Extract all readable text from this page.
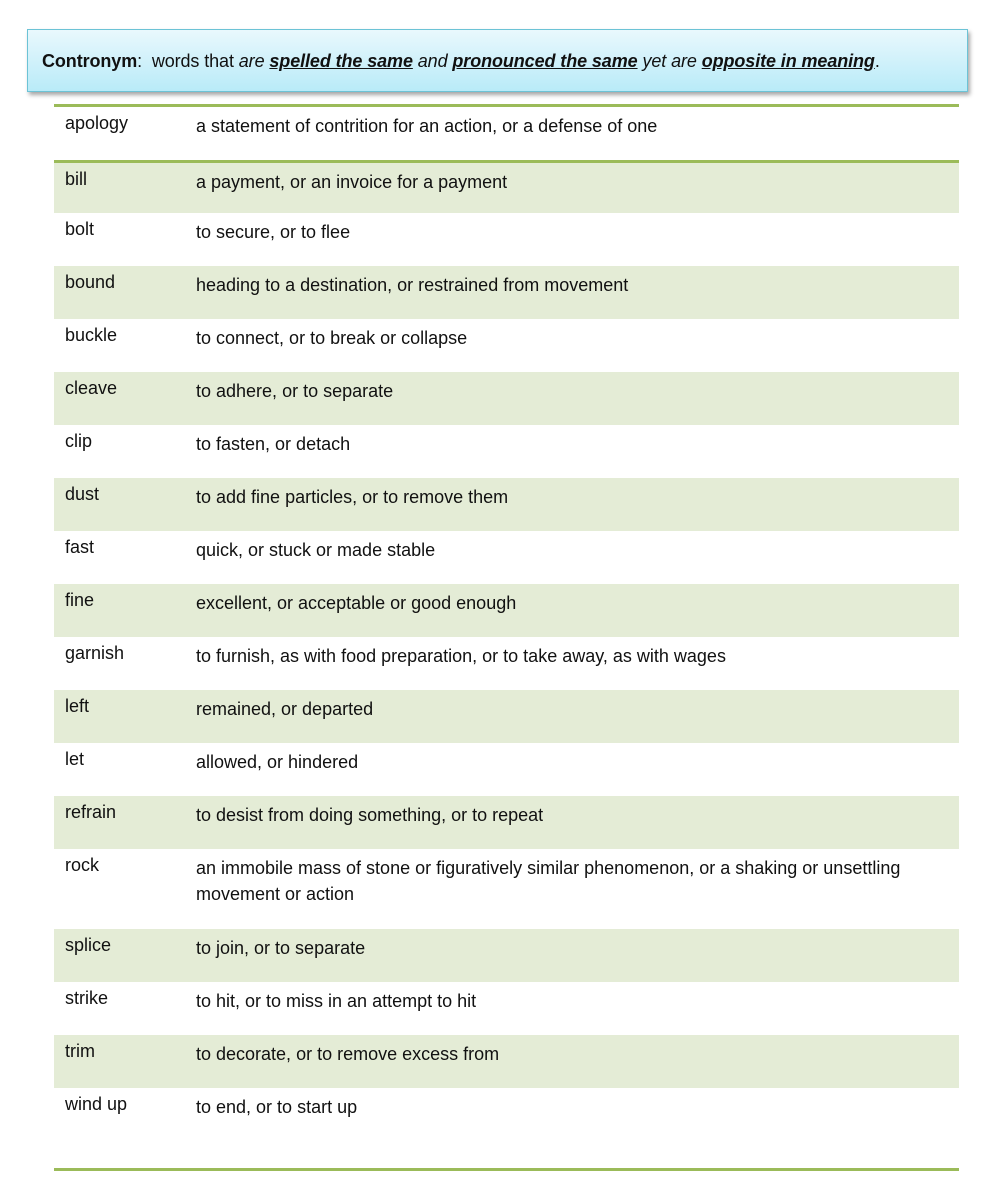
Contronym:  words that are spelled the same and pronounced the same yet are opposite in meaning.
apology	a statement of contrition for an action, or a defense of one
bill	a payment, or an invoice for a payment
bolt	to secure, or to flee
bound	heading to a destination, or restrained from movement
buckle	to connect, or to break or collapse
cleave	to adhere, or to separate
clip	to fasten, or detach
dust	to add fine particles, or to remove them
fast	quick, or stuck or made stable
fine	excellent, or acceptable or good enough
garnish	to furnish, as with food preparation, or to take away, as with wages
left	remained, or departed
let	allowed, or hindered
refrain	to desist from doing something, or to repeat
rock	an immobile mass of stone or figuratively similar phenomenon, or a shaking or unsettling movement or action
splice	to join, or to separate
strike	to hit, or to miss in an attempt to hit
trim	to decorate, or to remove excess from
wind up	to end, or to start up
